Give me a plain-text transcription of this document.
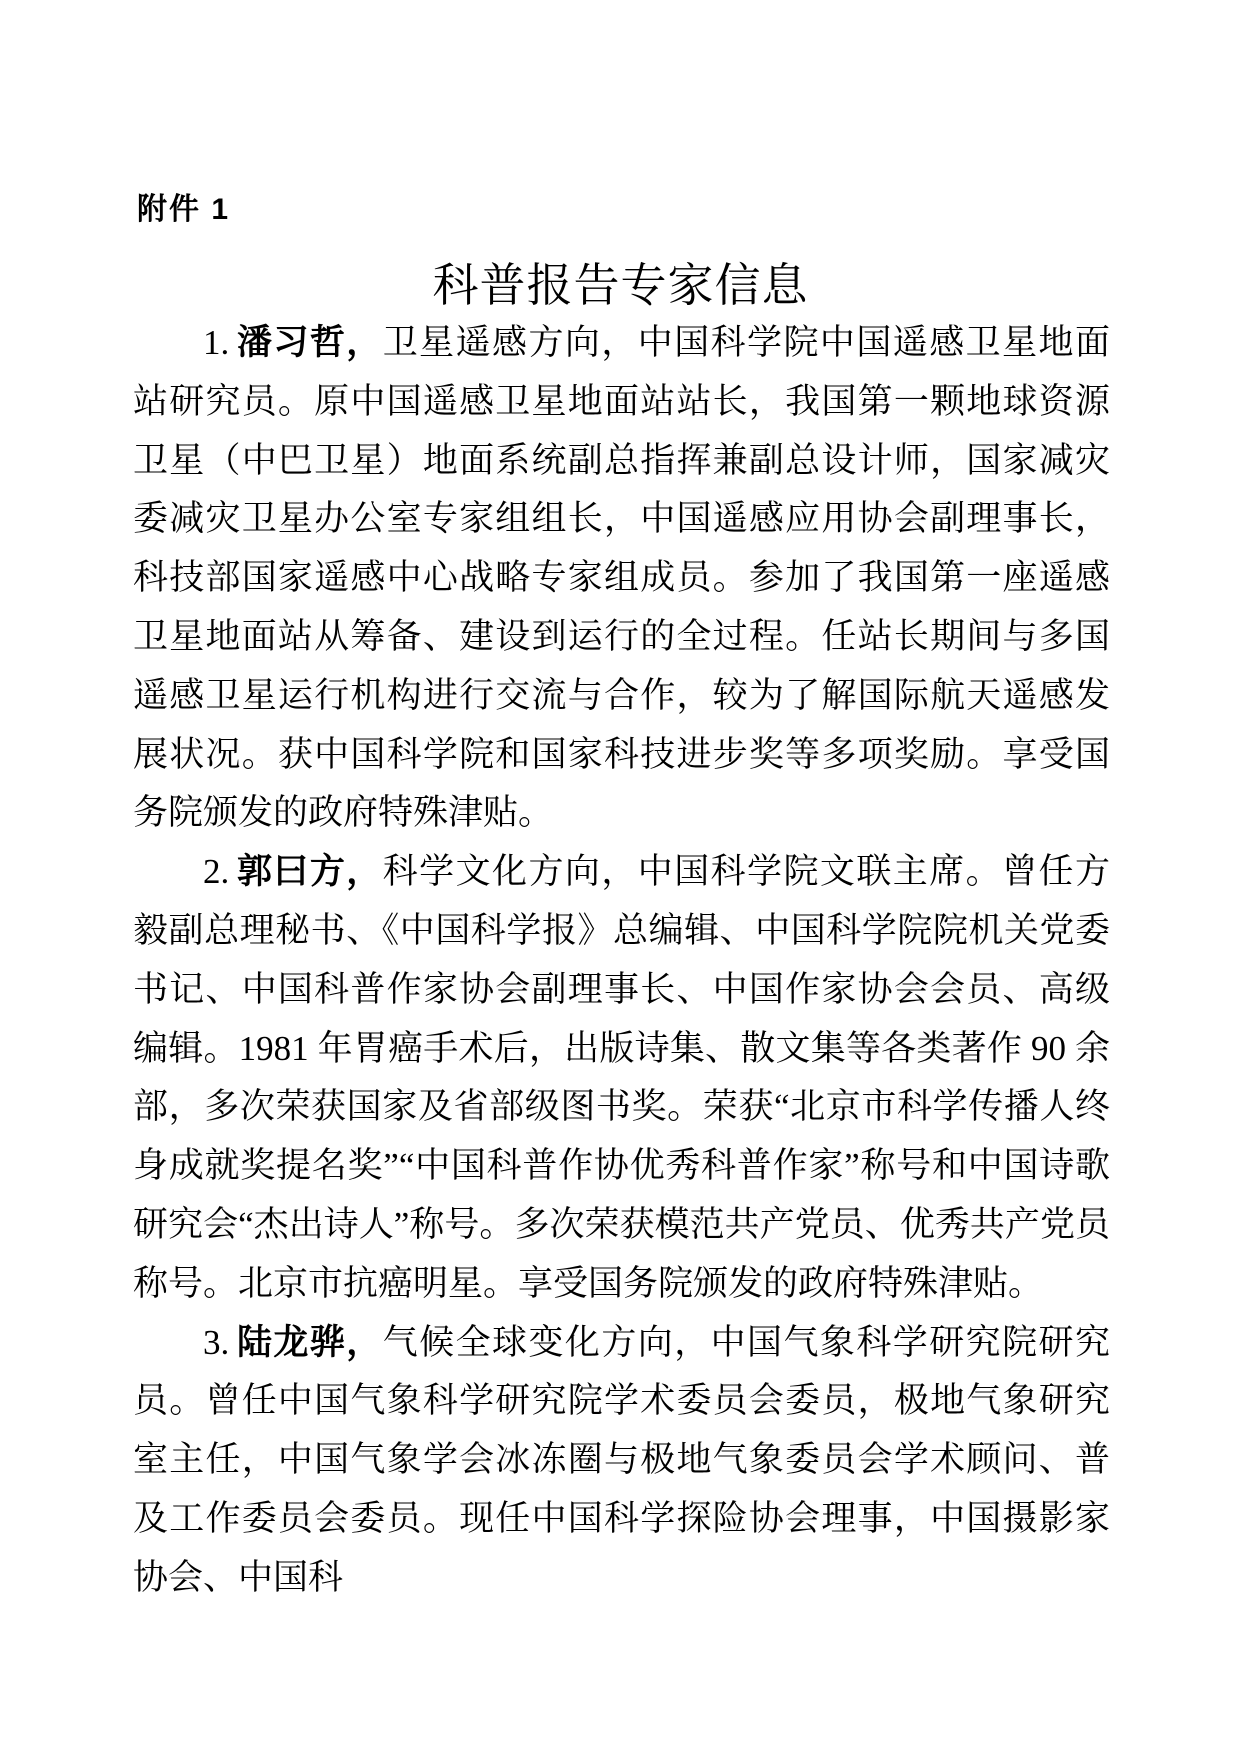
附件 1
科普报告专家信息

1. 潘习哲，卫星遥感方向，中国科学院中国遥感卫星地面站研究员。原中国遥感卫星地面站站长，我国第一颗地球资源卫星（中巴卫星）地面系统副总指挥兼副总设计师，国家减灾委减灾卫星办公室专家组组长，中国遥感应用协会副理事长，科技部国家遥感中心战略专家组成员。参加了我国第一座遥感卫星地面站从筹备、建设到运行的全过程。任站长期间与多国遥感卫星运行机构进行交流与合作，较为了解国际航天遥感发展状况。获中国科学院和国家科技进步奖等多项奖励。享受国务院颁发的政府特殊津贴。

2. 郭曰方，科学文化方向，中国科学院文联主席。曾任方毅副总理秘书、《中国科学报》总编辑、中国科学院院机关党委书记、中国科普作家协会副理事长、中国作家协会会员、高级编辑。1981 年胃癌手术后，出版诗集、散文集等各类著作 90 余部，多次荣获国家及省部级图书奖。荣获“北京市科学传播人终身成就奖提名奖”“中国科普作协优秀科普作家”称号和中国诗歌研究会“杰出诗人”称号。多次荣获模范共产党员、优秀共产党员称号。北京市抗癌明星。享受国务院颁发的政府特殊津贴。

3. 陆龙骅，气候全球变化方向，中国气象科学研究院研究员。曾任中国气象科学研究院学术委员会委员，极地气象研究室主任，中国气象学会冰冻圈与极地气象委员会学术顾问、普及工作委员会委员。现任中国科学探险协会理事，中国摄影家协会、中国科
